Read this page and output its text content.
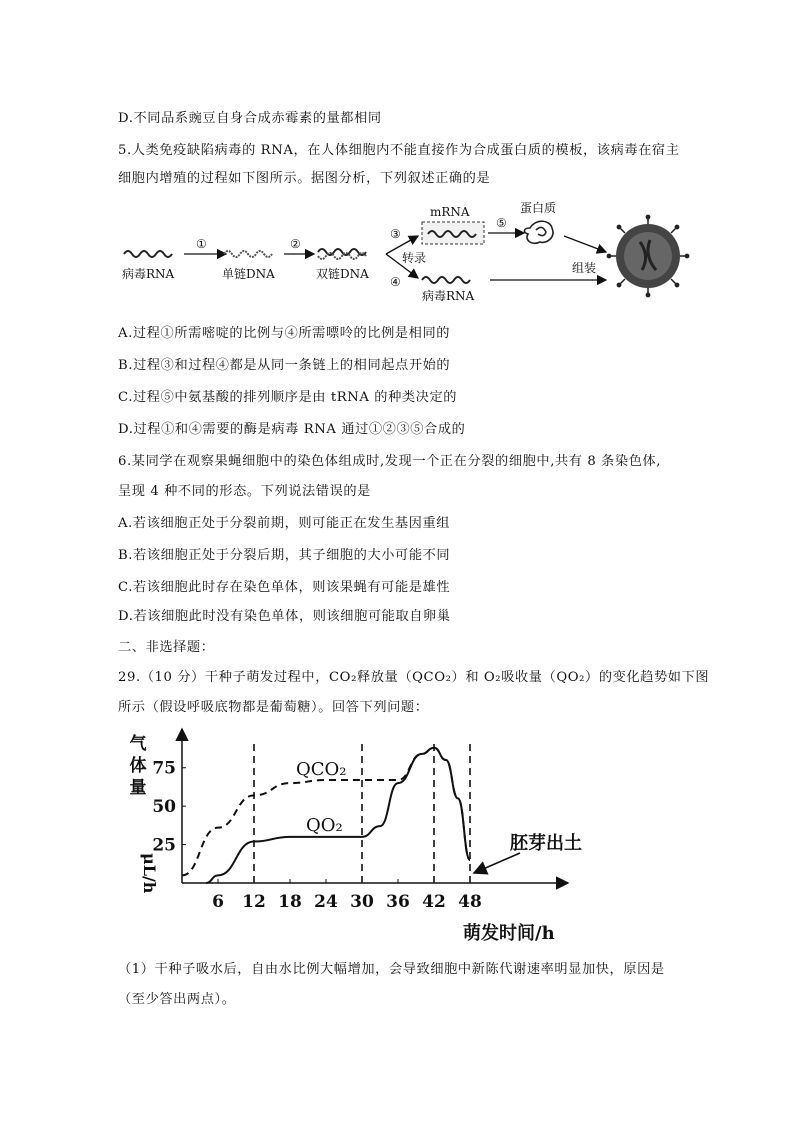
D.不同品系豌豆自身合成赤霉素的量都相同
5.人类免疫缺陷病毒的 RNA，在人体细胞内不能直接作为合成蛋白质的模板，该病毒在宿主
细胞内增殖的过程如下图所示。据图分析，下列叙述正确的是
病毒RNA
①
单链DNA
②
双链DNA
③
转录
④
mRNA
⑤
蛋白质
病毒RNA
组装
A.过程①所需嘧啶的比例与④所需嘌呤的比例是相同的
B.过程③和过程④都是从同一条链上的相同起点开始的
C.过程⑤中氨基酸的排列顺序是由 tRNA 的种类决定的
D.过程①和④需要的酶是病毒 RNA 通过①②③⑤合成的
6.某同学在观察果蝇细胞中的染色体组成时,发现一个正在分裂的细胞中,共有 8 条染色体,
呈现 4 种不同的形态。下列说法错误的是
A.若该细胞正处于分裂前期，则可能正在发生基因重组
B.若该细胞正处于分裂后期，其子细胞的大小可能不同
C.若该细胞此时存在染色单体，则该果蝇有可能是雄性
D.若该细胞此时没有染色单体，则该细胞可能取自卵巢
二、非选择题：
29.（10 分）干种子萌发过程中，CO₂释放量（QCO₂）和 O₂吸收量（QO₂）的变化趋势如下图
所示（假设呼吸底物都是葡萄糖）。回答下列问题：
6 12 18 24 30 36 42 48
25
50
75
气
体
量
μL/h
QCO₂
QO₂
胚芽出土
萌发时间/h
（1）干种子吸水后，自由水比例大幅增加，会导致细胞中新陈代谢速率明显加快，原因是
（至少答出两点）。
